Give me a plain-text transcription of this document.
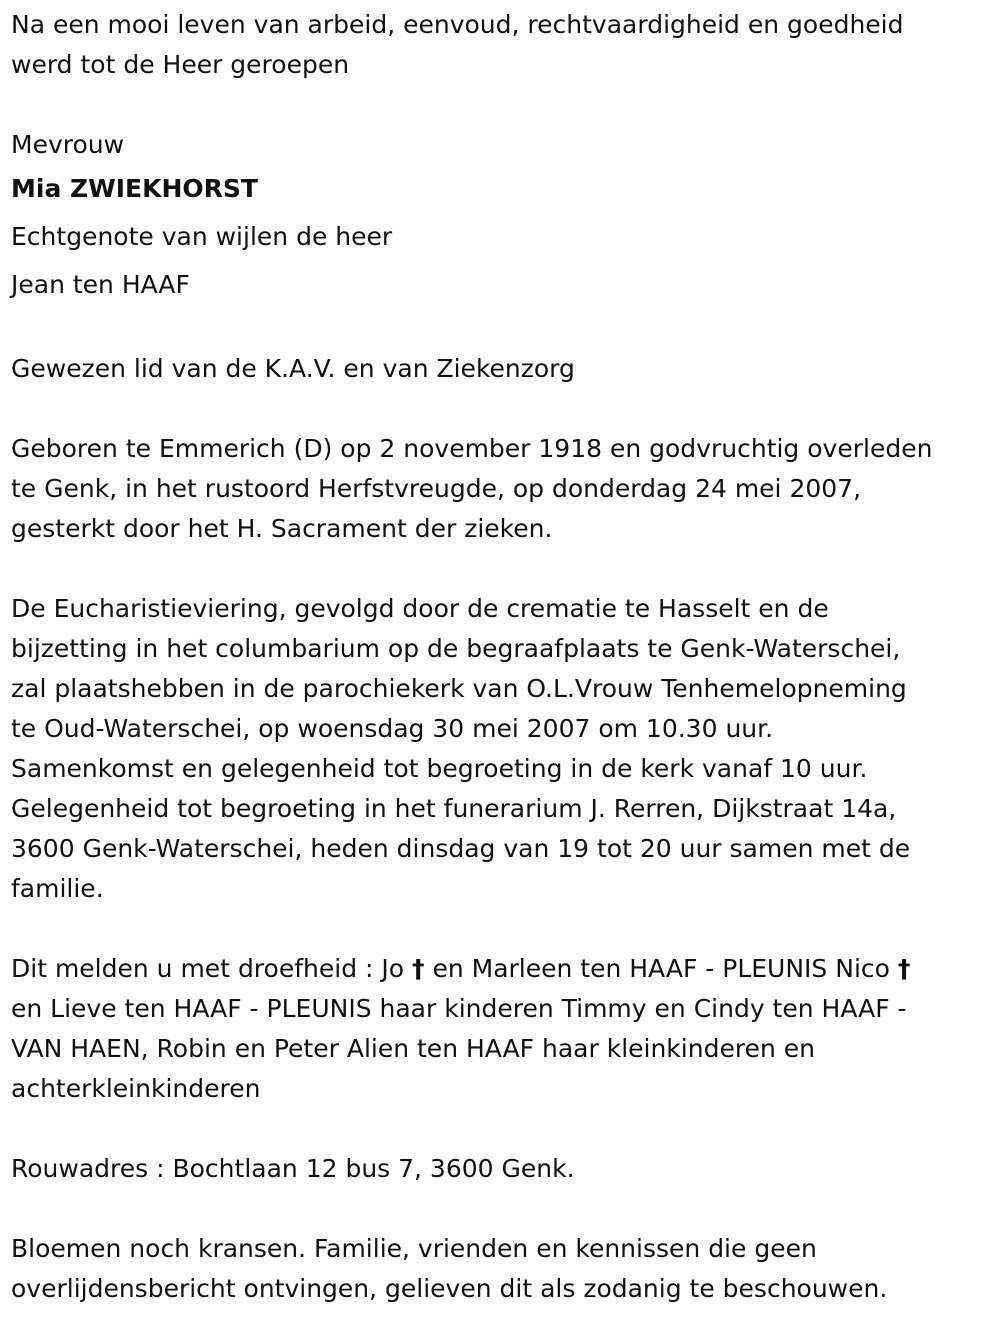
Na een mooi leven van arbeid, eenvoud, rechtvaardigheid en goedheid

werd tot de Heer geroepen

Mevrouw

Mia ZWIEKHORST

Echtgenote van wijlen de heer

Jean ten HAAF

Gewezen lid van de K.A.V. en van Ziekenzorg

Geboren te Emmerich (D) op 2 november 1918 en godvruchtig overleden

te Genk, in het rustoord Herfstvreugde, op donderdag 24 mei 2007,

gesterkt door het H. Sacrament der zieken.

De Eucharistieviering, gevolgd door de crematie te Hasselt en de

bijzetting in het columbarium op de begraafplaats te Genk-Waterschei,

zal plaatshebben in de parochiekerk van O.L.Vrouw Tenhemelopneming

te Oud-Waterschei, op woensdag 30 mei 2007 om 10.30 uur.

Samenkomst en gelegenheid tot begroeting in de kerk vanaf 10 uur.

Gelegenheid tot begroeting in het funerarium J. Rerren, Dijkstraat 14a,

3600 Genk-Waterschei, heden dinsdag van 19 tot 20 uur samen met de

familie.

Dit melden u met droefheid : Jo † en Marleen ten HAAF - PLEUNIS Nico †

en Lieve ten HAAF - PLEUNIS haar kinderen Timmy en Cindy ten HAAF -

VAN HAEN, Robin en Peter Alien ten HAAF haar kleinkinderen en

achterkleinkinderen

Rouwadres : Bochtlaan 12 bus 7, 3600 Genk.

Bloemen noch kransen. Familie, vrienden en kennissen die geen

overlijdensbericht ontvingen, gelieven dit als zodanig te beschouwen.
